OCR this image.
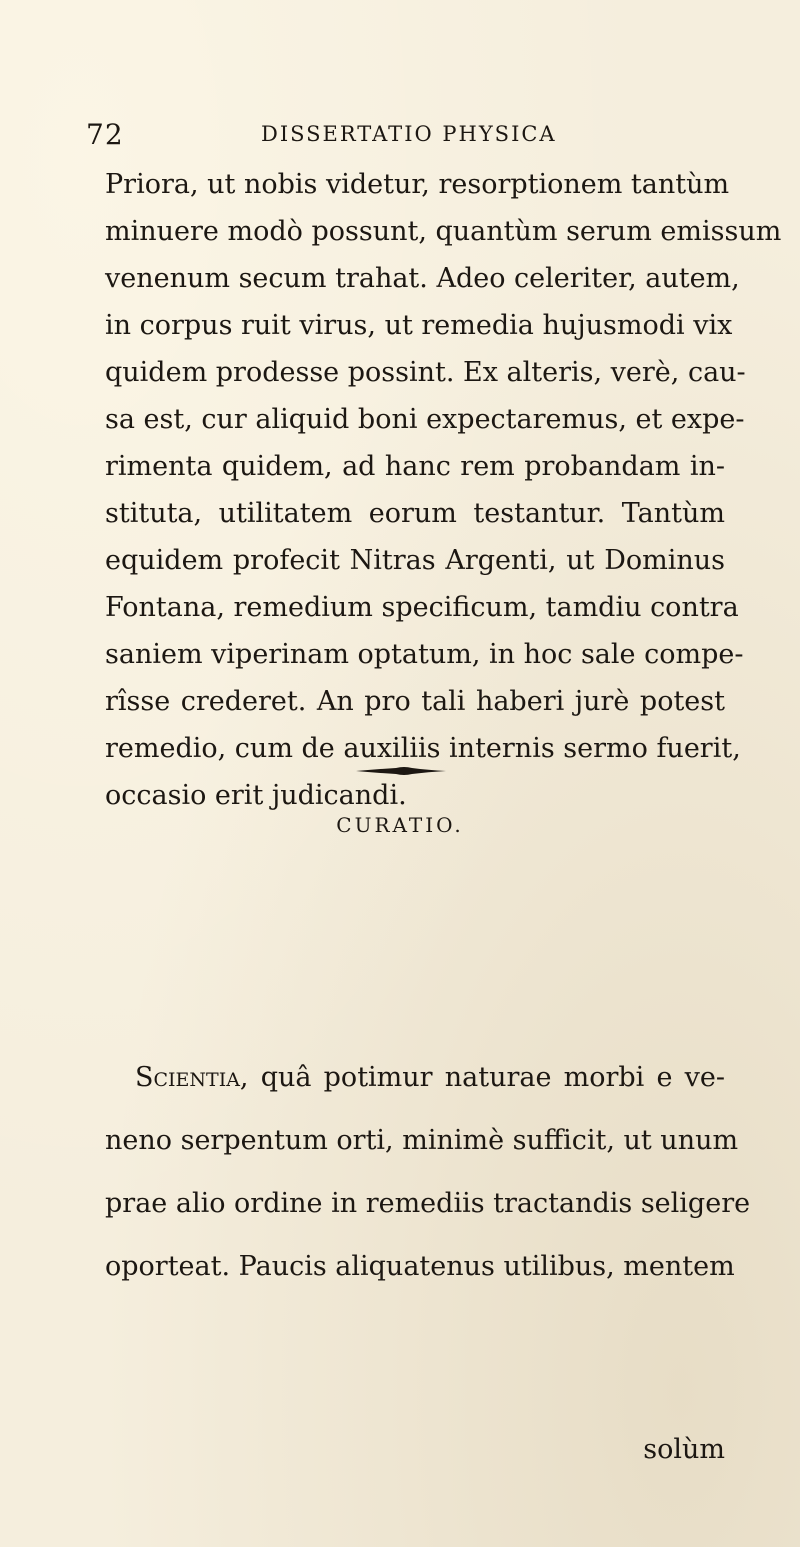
72	DISSERTATIO PHYSICA
Priora, ut nobis videtur, resorptionem tantùm
minuere modò possunt, quantùm serum emissum
venenum secum trahat. Adeo celeriter, autem,
in corpus ruit virus, ut remedia hujusmodi vix
quidem prodesse possint. Ex alteris, verè, cau-
sa est, cur aliquid boni expectaremus, et expe-
rimenta quidem, ad hanc rem probandam in-
stituta, utilitatem eorum testantur. Tantùm
equidem profecit Nitras Argenti, ut Dominus
Fontana, remedium specificum, tamdiu contra
saniem viperinam optatum, in hoc sale compe-
rîsse crederet. An pro tali haberi jurè potest
remedio, cum de auxiliis internis sermo fuerit,
occasio erit judicandi.
CURATIO.
Scientia, quâ potimur naturae morbi e ve-
neno serpentum orti, minimè sufficit, ut unum
prae alio ordine in remediis tractandis seligere
oporteat. Paucis aliquatenus utilibus, mentem
solùm
